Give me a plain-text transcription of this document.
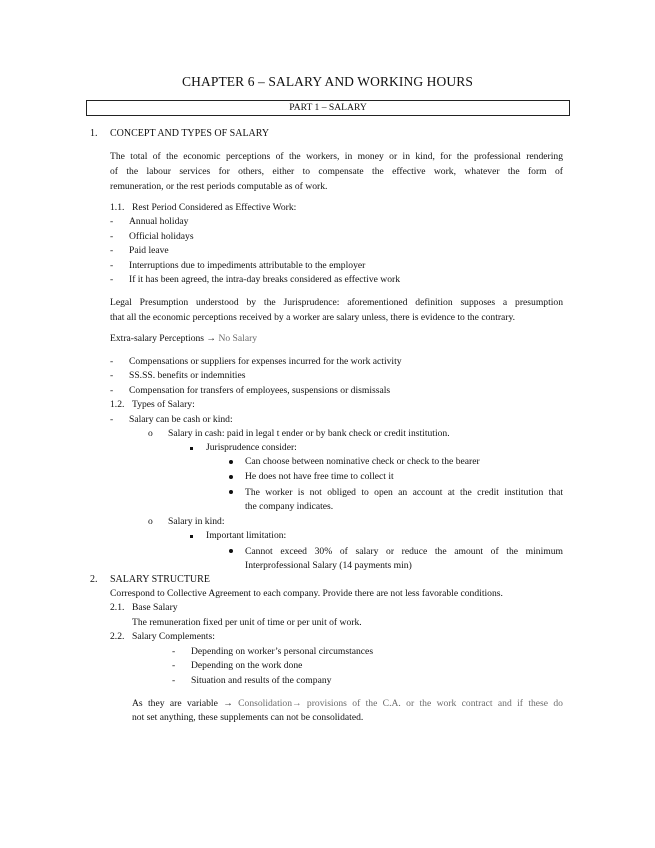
CHAPTER 6 – SALARY AND WORKING HOURS
PART 1 – SALARY
1. CONCEPT AND TYPES OF SALARY
The total of the economic perceptions of the workers, in money or in kind, for the professional rendering
of the labour services for others, either to compensate the effective work, whatever the form of
remuneration, or the rest periods computable as of work.
1.1. Rest Period Considered as Effective Work:
- Annual holiday
- Official holidays
- Paid leave
- Interruptions due to impediments attributable to the employer
- If it has been agreed, the intra-day breaks considered as effective work
Legal Presumption understood by the Jurisprudence: aforementioned definition supposes a presumption
that all the economic perceptions received by a worker are salary unless, there is evidence to the contrary.
Extra-salary Perceptions → No Salary
- Compensations or suppliers for expenses incurred for the work activity
- SS.SS. benefits or indemnities
- Compensation for transfers of employees, suspensions or dismissals
1.2. Types of Salary:
- Salary can be cash or kind:
o Salary in cash: paid in legal t ender or by bank check or credit institution.
Jurisprudence consider:
Can choose between nominative check or check to the bearer
He does not have free time to collect it
The worker is not obliged to open an account at the credit institution that
the company indicates.
o Salary in kind:
Important limitation:
Cannot exceed 30% of salary or reduce the amount of the minimum
Interprofessional Salary (14 payments min)
2. SALARY STRUCTURE
Correspond to Collective Agreement to each company. Provide there are not less favorable conditions.
2.1. Base Salary
The remuneration fixed per unit of time or per unit of work.
2.2. Salary Complements:
- Depending on worker’s personal circumstances
- Depending on the work done
- Situation and results of the company
As they are variable → Consolidation→ provisions of the C.A. or the work contract and if these do
not set anything, these supplements can not be consolidated.
